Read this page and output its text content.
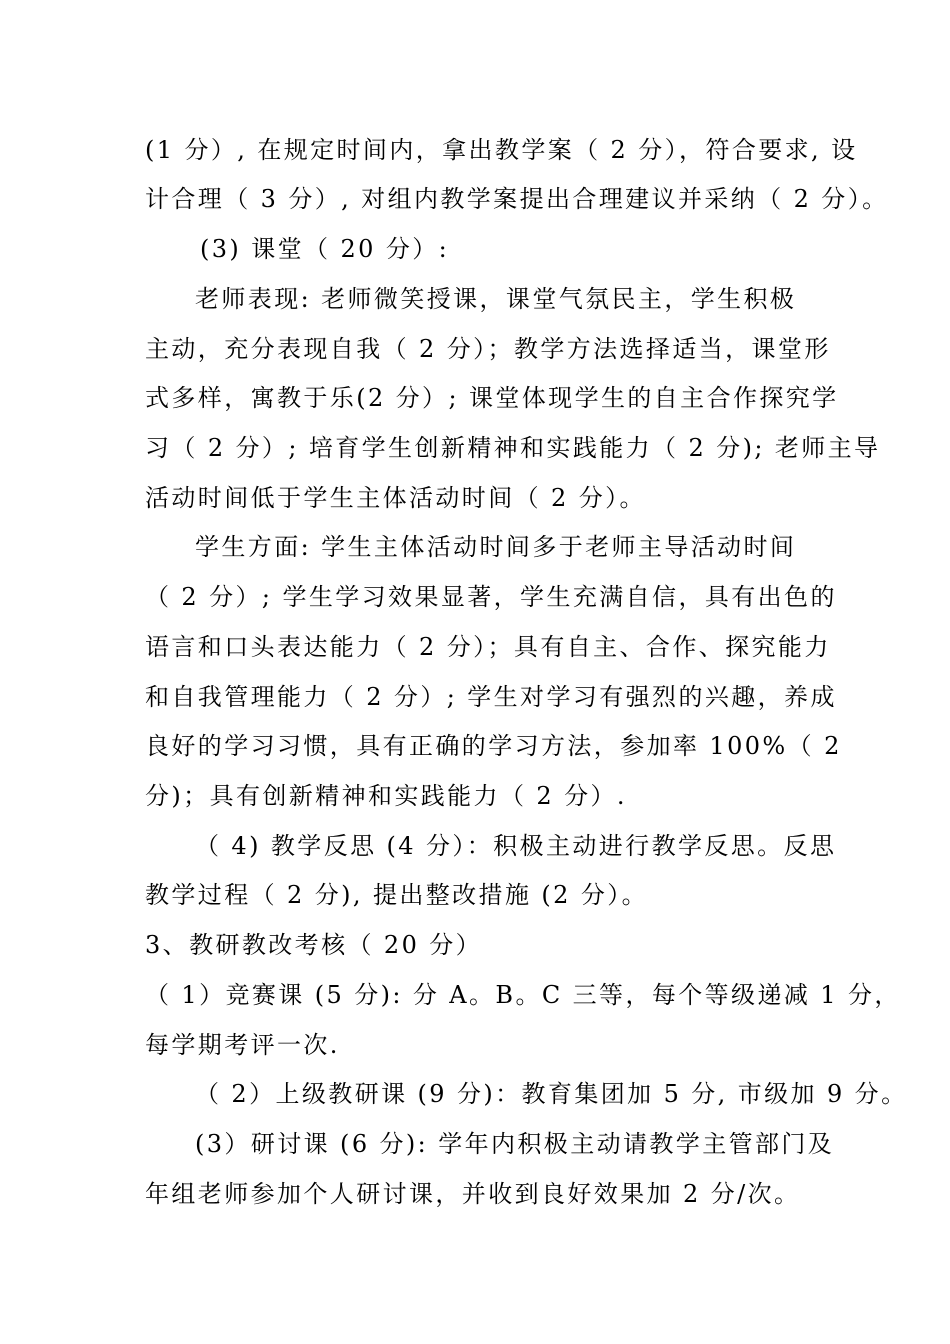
(1 分）, 在规定时间内，拿出教学案（ 2 分），符合要求, 设
计合理（ 3 分）, 对组内教学案提出合理建议并采纳（ 2 分）。
(3) 课堂（ 20 分）:
老师表现: 老师微笑授课，课堂气氛民主，学生积极
主动，充分表现自我（ 2 分）；教学方法选择适当，课堂形
式多样，寓教于乐(2 分）; 课堂体现学生的自主合作探究学
习（ 2 分）; 培育学生创新精神和实践能力（ 2 分); 老师主导
活动时间低于学生主体活动时间（ 2 分）。
学生方面: 学生主体活动时间多于老师主导活动时间
（ 2 分）; 学生学习效果显著，学生充满自信，具有出色的
语言和口头表达能力（ 2 分）；具有自主、合作、探究能力
和自我管理能力（ 2 分）; 学生对学习有强烈的兴趣，养成
良好的学习习惯，具有正确的学习方法，参加率 100%（ 2
分)；具有创新精神和实践能力（ 2 分）.
（ 4) 教学反思 (4 分）：积极主动进行教学反思。反思
教学过程（ 2 分), 提出整改措施 (2 分）。
3、教研教改考核（ 20 分）
（ 1）竞赛课 (5 分): 分 A。B。C 三等，每个等级递减 1 分，
每学期考评一次.
（ 2）上级教研课 (9 分)：教育集团加 5 分, 市级加 9 分。
(3）研讨课 (6 分): 学年内积极主动请教学主管部门及
年组老师参加个人研讨课，并收到良好效果加 2 分/次。
